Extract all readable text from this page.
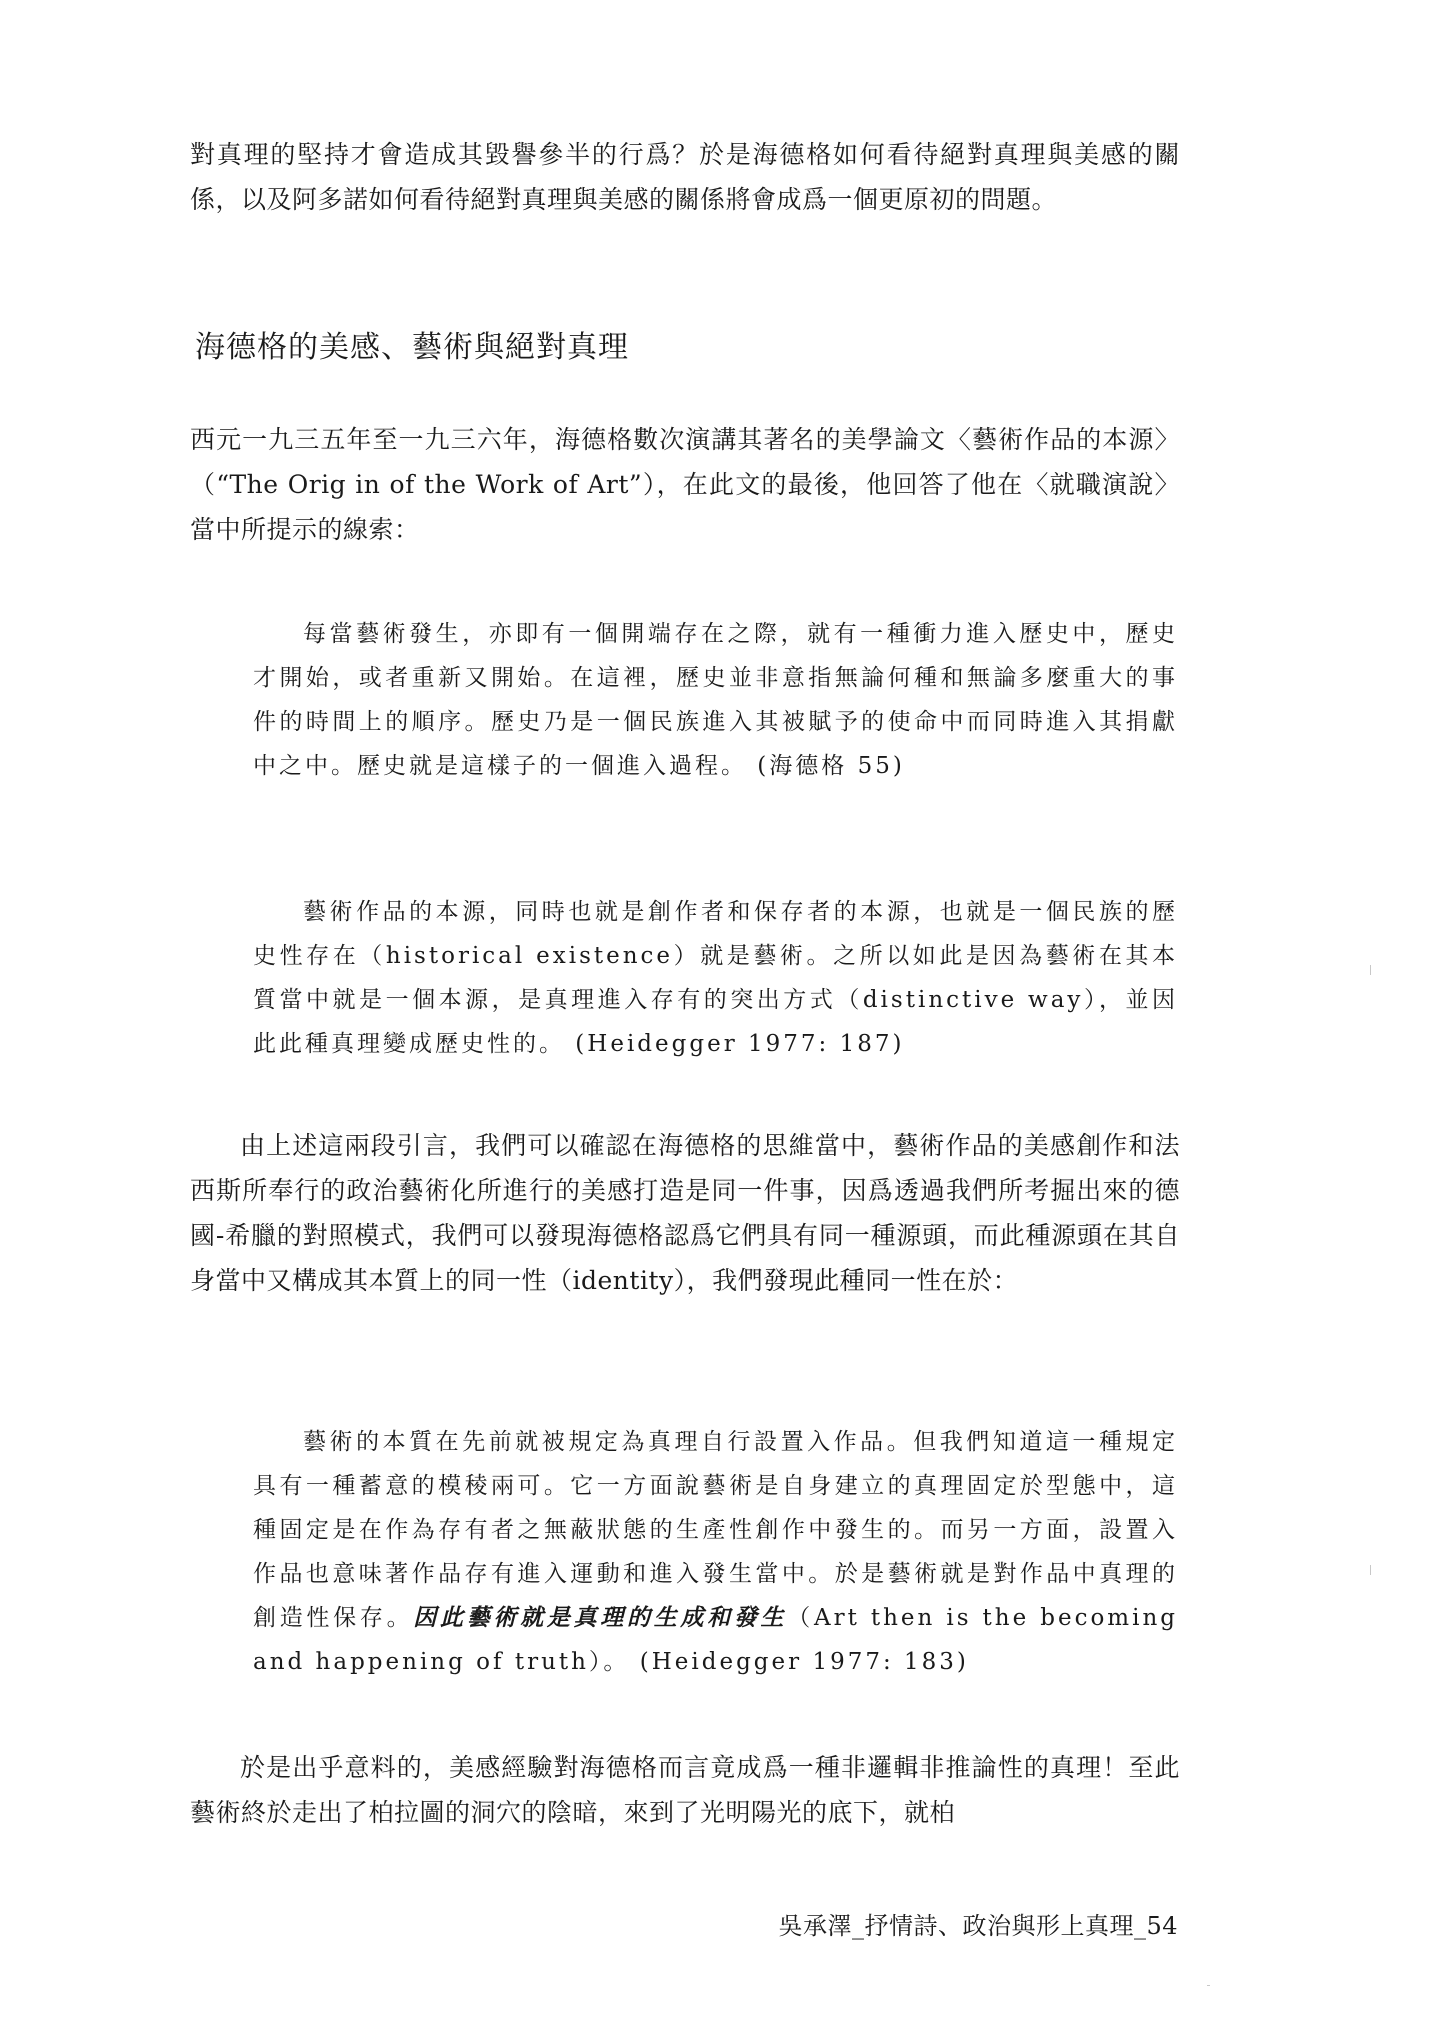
對真理的堅持才會造成其毀譽參半的行爲？於是海德格如何看待絕對真理與美感的關係，以及阿多諾如何看待絕對真理與美感的關係將會成爲一個更原初的問題。

海德格的美感、藝術與絕對真理

西元一九三五年至一九三六年，海德格數次演講其著名的美學論文〈藝術作品的本源〉（“The Orig in of the Work of Art”），在此文的最後，他回答了他在〈就職演說〉當中所提示的線索：

每當藝術發生，亦即有一個開端存在之際，就有一種衝力進入歷史中，歷史才開始，或者重新又開始。在這裡，歷史並非意指無論何種和無論多麼重大的事件的時間上的順序。歷史乃是一個民族進入其被賦予的使命中而同時進入其捐獻中之中。歷史就是這樣子的一個進入過程。 (海德格 55)

藝術作品的本源，同時也就是創作者和保存者的本源，也就是一個民族的歷史性存在（historical existence）就是藝術。之所以如此是因為藝術在其本質當中就是一個本源，是真理進入存有的突出方式（distinctive way），並因此此種真理變成歷史性的。 (Heidegger 1977: 187)

由上述這兩段引言，我們可以確認在海德格的思維當中，藝術作品的美感創作和法西斯所奉行的政治藝術化所進行的美感打造是同一件事，因爲透過我們所考掘出來的德國-希臘的對照模式，我們可以發現海德格認爲它們具有同一種源頭，而此種源頭在其自身當中又構成其本質上的同一性（identity），我們發現此種同一性在於：

藝術的本質在先前就被規定為真理自行設置入作品。但我們知道這一種規定具有一種蓄意的模稜兩可。它一方面說藝術是自身建立的真理固定於型態中，這種固定是在作為存有者之無蔽狀態的生產性創作中發生的。而另一方面，設置入作品也意味著作品存有進入運動和進入發生當中。於是藝術就是對作品中真理的創造性保存。因此藝術就是真理的生成和發生（Art then is the becoming and happening of truth）。 (Heidegger 1977: 183)

於是出乎意料的，美感經驗對海德格而言竟成爲一種非邏輯非推論性的真理！至此藝術終於走出了柏拉圖的洞穴的陰暗，來到了光明陽光的底下，就柏

吳承澤_抒情詩、政治與形上真理_54
